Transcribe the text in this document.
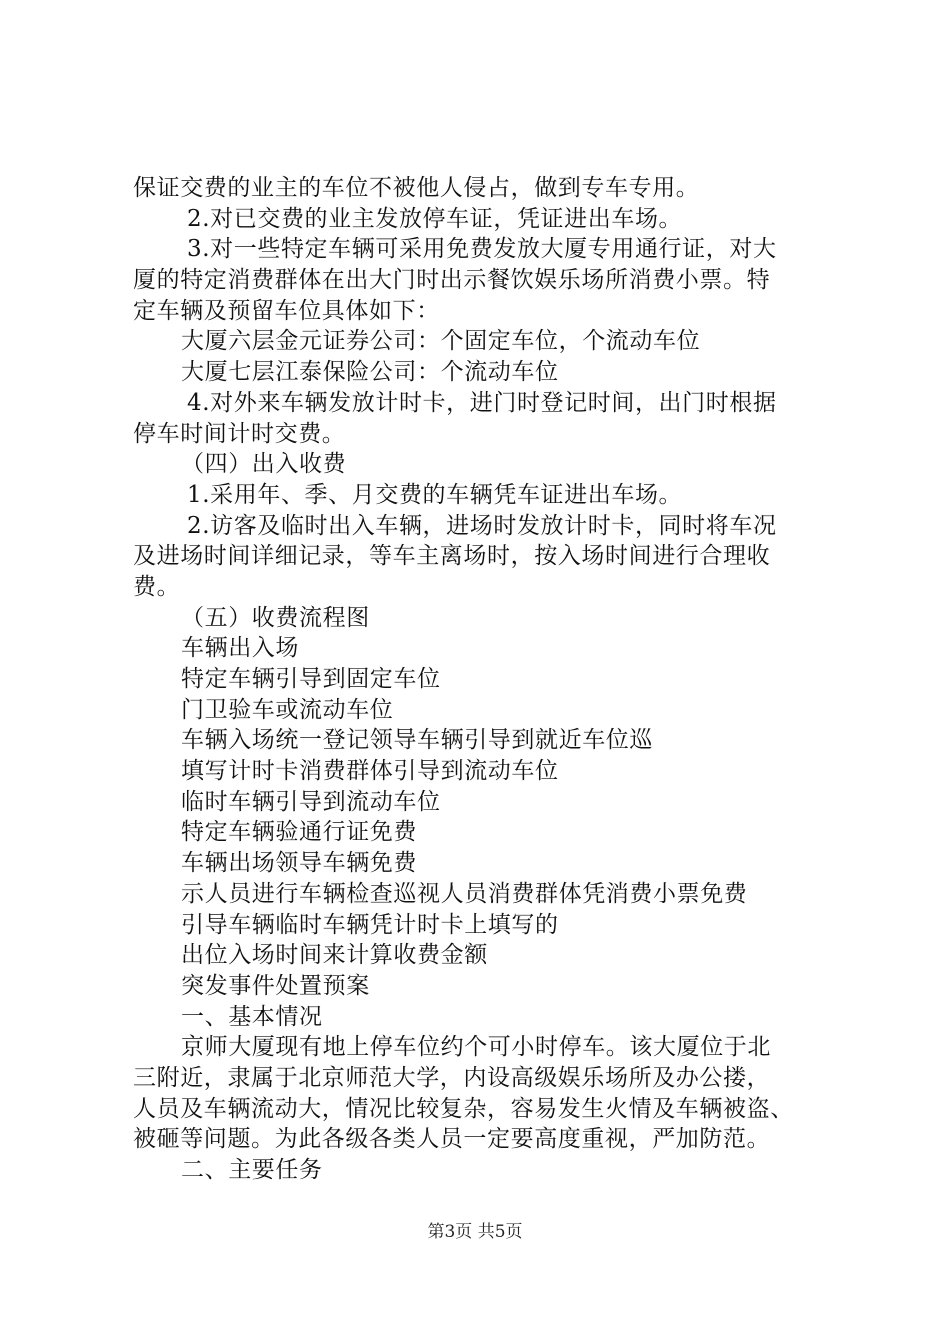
保证交费的业主的车位不被他人侵占，做到专车专用。
2.对已交费的业主发放停车证，凭证进出车场。
3.对一些特定车辆可采用免费发放大厦专用通行证，对大
厦的特定消费群体在出大门时出示餐饮娱乐场所消费小票。特
定车辆及预留车位具体如下：
大厦六层金元证券公司：个固定车位，个流动车位
大厦七层江泰保险公司：个流动车位
4.对外来车辆发放计时卡，进门时登记时间，出门时根据
停车时间计时交费。
（四）出入收费
1.采用年、季、月交费的车辆凭车证进出车场。
2.访客及临时出入车辆，进场时发放计时卡，同时将车况
及进场时间详细记录，等车主离场时，按入场时间进行合理收
费。
（五）收费流程图
车辆出入场
特定车辆引导到固定车位
门卫验车或流动车位
车辆入场统一登记领导车辆引导到就近车位巡
填写计时卡消费群体引导到流动车位
临时车辆引导到流动车位
特定车辆验通行证免费
车辆出场领导车辆免费
示人员进行车辆检查巡视人员消费群体凭消费小票免费
引导车辆临时车辆凭计时卡上填写的
出位入场时间来计算收费金额
突发事件处置预案
一、基本情况
京师大厦现有地上停车位约个可小时停车。该大厦位于北
三附近，隶属于北京师范大学，内设高级娱乐场所及办公搂，
人员及车辆流动大，情况比较复杂，容易发生火情及车辆被盗、
被砸等问题。为此各级各类人员一定要高度重视，严加防范。
二、主要任务
第3页 共5页
